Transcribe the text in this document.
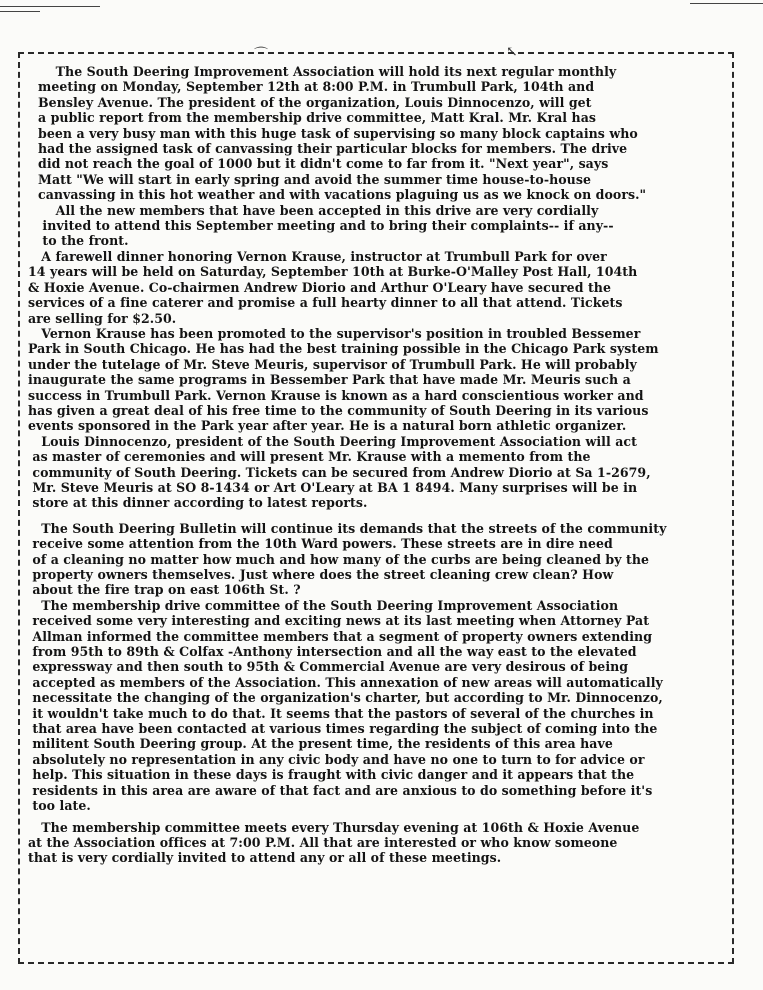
⌒	↖
The South Deering Improvement Association will hold its next regular monthly
meeting on Monday, September 12th at 8:00 P.M. in Trumbull Park, 104th and
Bensley Avenue. The president of the organization, Louis Dinnocenzo, will get
a public report from the membership drive committee, Matt Kral. Mr. Kral has
been a very busy man with this huge task of supervising so many block captains who
had the assigned task of canvassing their particular blocks for members. The drive
did not reach the goal of 1000 but it didn't come to far from it. "Next year", says
Matt "We will start in early spring and avoid the summer time house-to-house
canvassing in this hot weather and with vacations plaguing us as we knock on doors."
All the new members that have been accepted in this drive are very cordially
invited to attend this September meeting and to bring their complaints-- if any--
to the front.
A farewell dinner honoring Vernon Krause, instructor at Trumbull Park for over
14 years will be held on Saturday, September 10th at Burke-O'Malley Post Hall, 104th
& Hoxie Avenue. Co-chairmen Andrew Diorio and Arthur O'Leary have secured the
services of a fine caterer and promise a full hearty dinner to all that attend. Tickets
are selling for $2.50.
Vernon Krause has been promoted to the supervisor's position in troubled Bessemer
Park in South Chicago. He has had the best training possible in the Chicago Park system
under the tutelage of Mr. Steve Meuris, supervisor of Trumbull Park. He will probably
inaugurate the same programs in Bessember Park that have made Mr. Meuris such a
success in Trumbull Park. Vernon Krause is known as a hard conscientious worker and
has given a great deal of his free time to the community of South Deering in its various
events sponsored in the Park year after year. He is a natural born athletic organizer.
Louis Dinnocenzo, president of the South Deering Improvement Association will act
as master of ceremonies and will present Mr. Krause with a memento from the
community of South Deering. Tickets can be secured from Andrew Diorio at Sa 1-2679,
Mr. Steve Meuris at SO 8-1434 or Art O'Leary at BA 1 8494. Many surprises will be in
store at this dinner according to latest reports.
The South Deering Bulletin will continue its demands that the streets of the community
receive some attention from the 10th Ward powers. These streets are in dire need
of a cleaning no matter how much and how many of the curbs are being cleaned by the
property owners themselves. Just where does the street cleaning crew clean? How
about the fire trap on east 106th St. ?
The membership drive committee of the South Deering Improvement Association
received some very interesting and exciting news at its last meeting when Attorney Pat
Allman informed the committee members that a segment of property owners extending
from 95th to 89th & Colfax -Anthony intersection and all the way east to the elevated
expressway and then south to 95th & Commercial Avenue are very desirous of being
accepted as members of the Association. This annexation of new areas will automatically
necessitate the changing of the organization's charter, but according to Mr. Dinnocenzo,
it wouldn't take much to do that. It seems that the pastors of several of the churches in
that area have been contacted at various times regarding the subject of coming into the
militent South Deering group. At the present time, the residents of this area have
absolutely no representation in any civic body and have no one to turn to for advice or
help. This situation in these days is fraught with civic danger and it appears that the
residents in this area are aware of that fact and are anxious to do something before it's
too late.
The membership committee meets every Thursday evening at 106th & Hoxie Avenue
at the Association offices at 7:00 P.M. All that are interested or who know someone
that is very cordially invited to attend any or all of these meetings.
